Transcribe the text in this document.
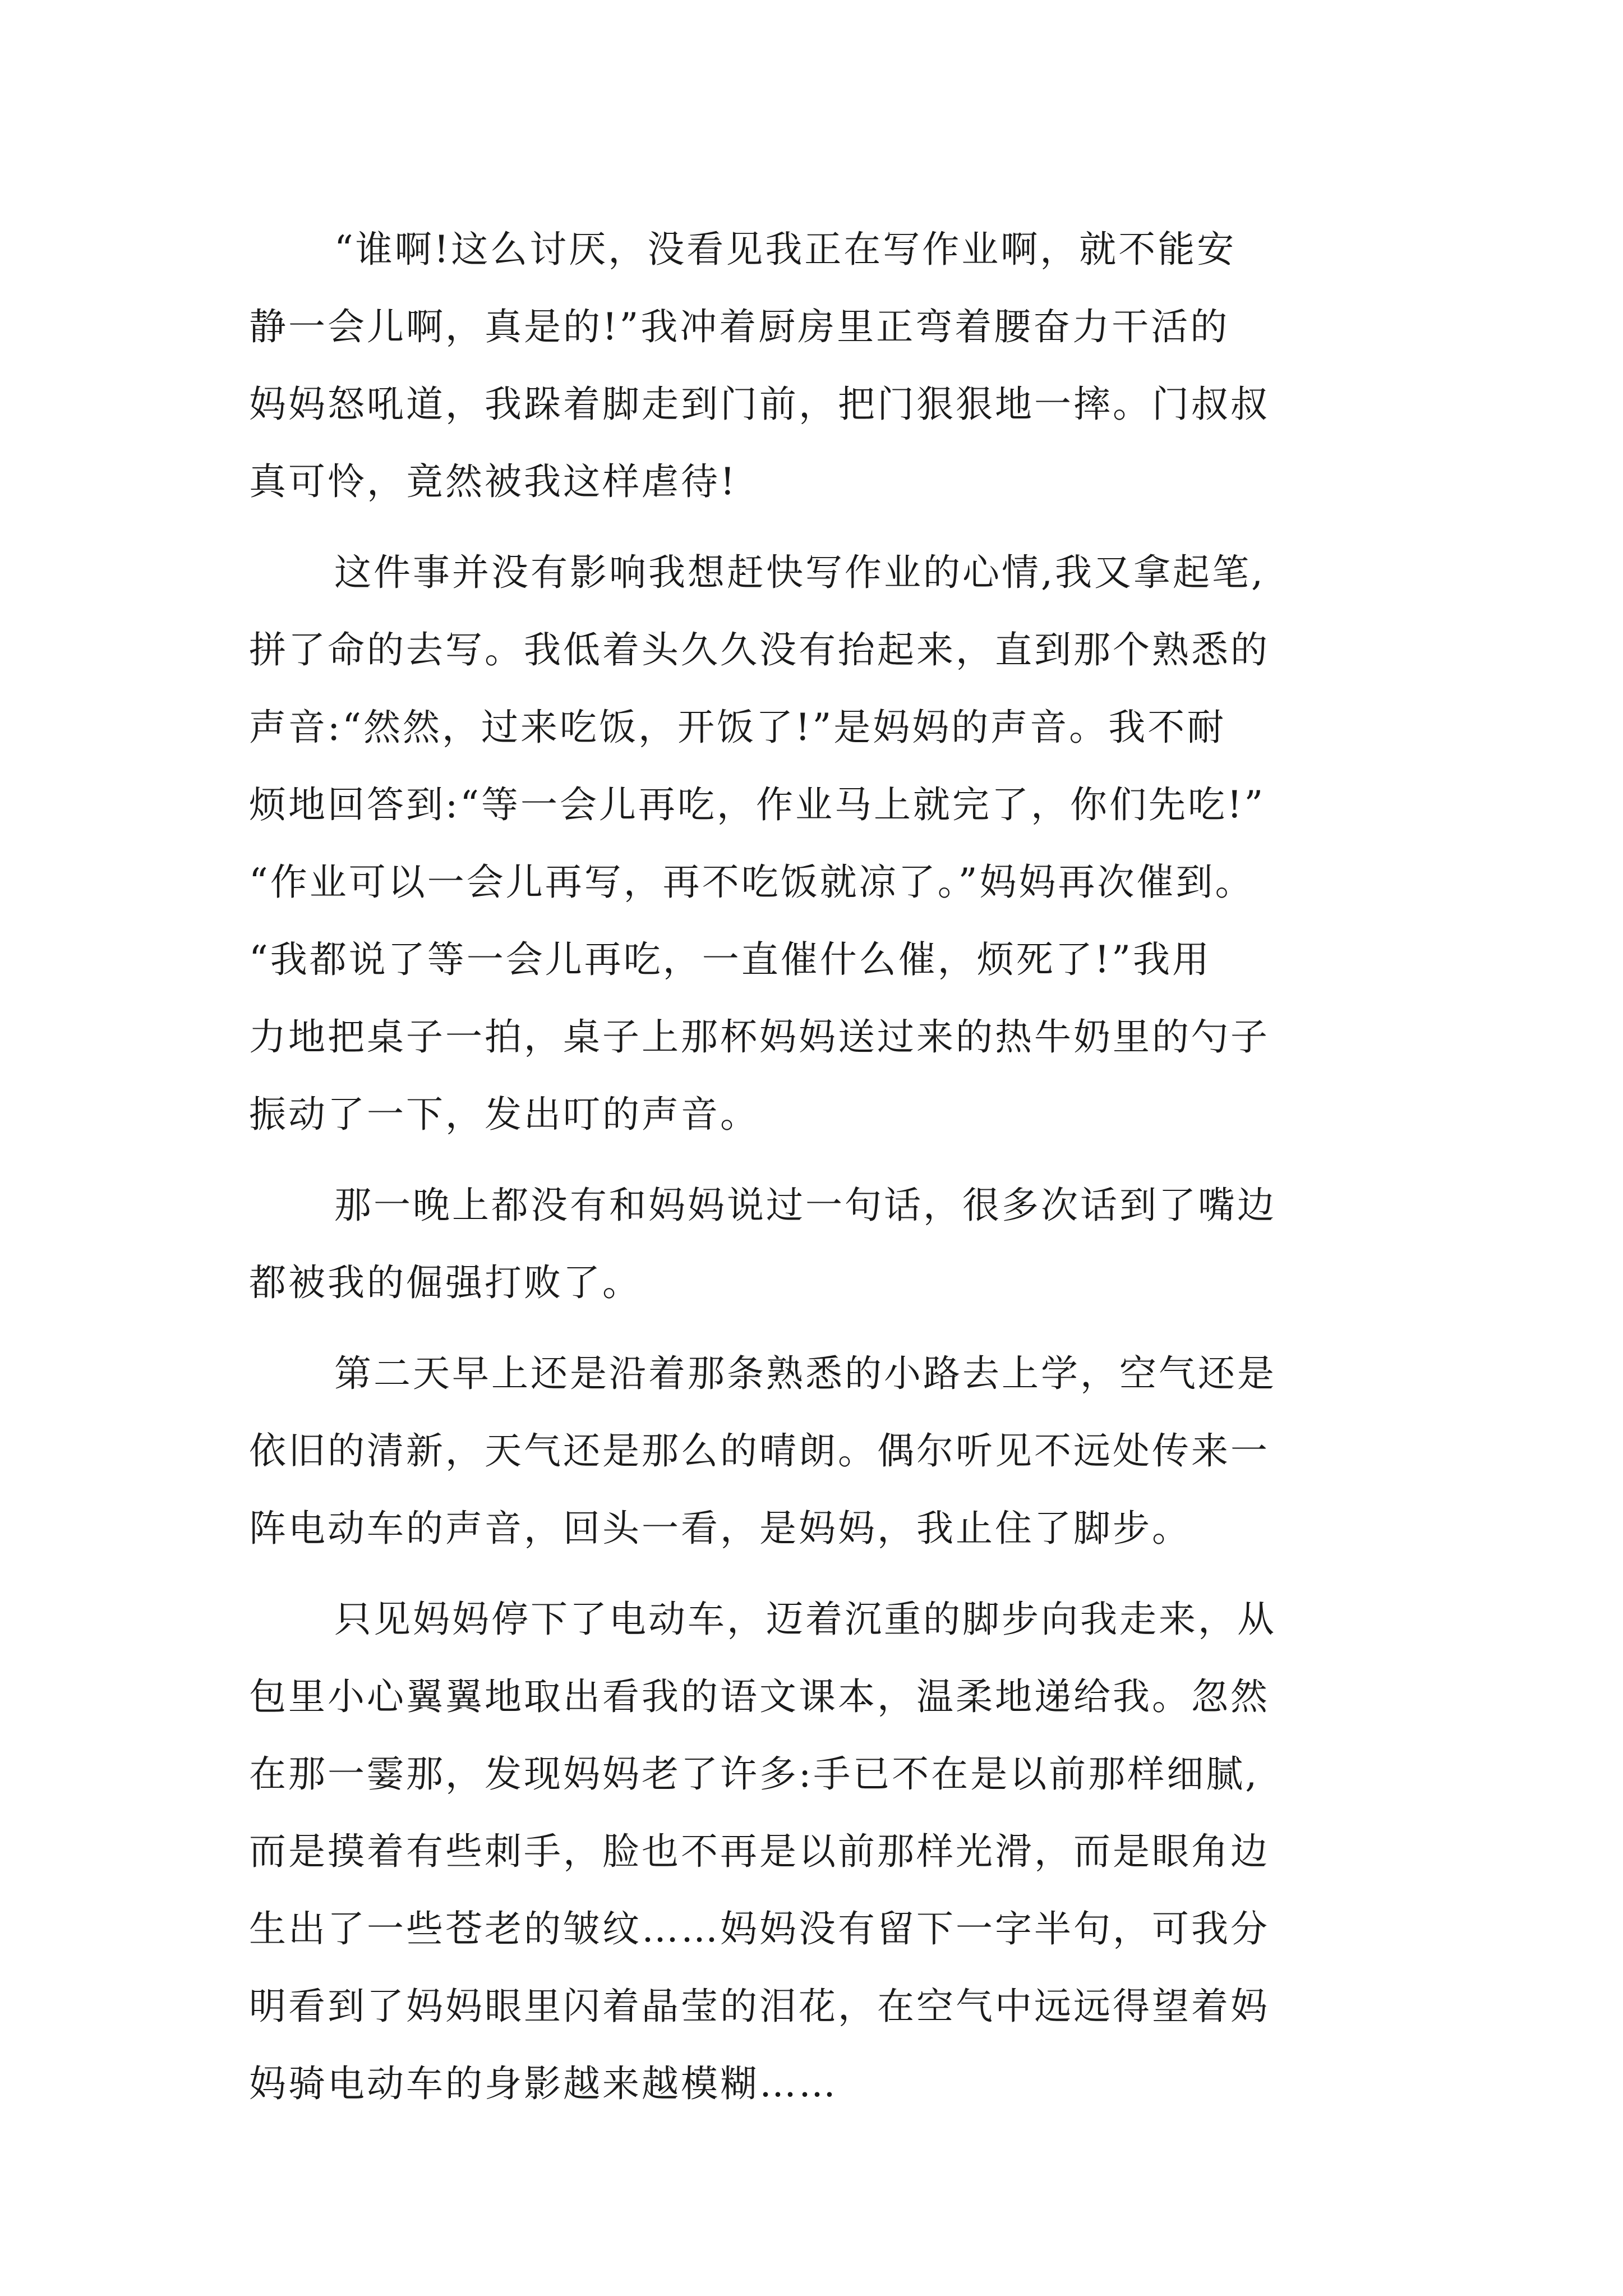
“谁啊!这么讨厌，没看见我正在写作业啊，就不能安
静一会儿啊，真是的!”我冲着厨房里正弯着腰奋力干活的
妈妈怒吼道，我跺着脚走到门前，把门狠狠地一摔。门叔叔
真可怜，竟然被我这样虐待!
这件事并没有影响我想赶快写作业的心情,我又拿起笔,
拼了命的去写。我低着头久久没有抬起来，直到那个熟悉的
声音:“然然，过来吃饭，开饭了!”是妈妈的声音。我不耐
烦地回答到:“等一会儿再吃，作业马上就完了，你们先吃!”
“作业可以一会儿再写，再不吃饭就凉了。”妈妈再次催到。
“我都说了等一会儿再吃，一直催什么催，烦死了!”我用
力地把桌子一拍，桌子上那杯妈妈送过来的热牛奶里的勺子
振动了一下，发出叮的声音。
那一晚上都没有和妈妈说过一句话，很多次话到了嘴边
都被我的倔强打败了。
第二天早上还是沿着那条熟悉的小路去上学，空气还是
依旧的清新，天气还是那么的晴朗。偶尔听见不远处传来一
阵电动车的声音，回头一看，是妈妈，我止住了脚步。
只见妈妈停下了电动车，迈着沉重的脚步向我走来，从
包里小心翼翼地取出看我的语文课本，温柔地递给我。忽然
在那一霎那，发现妈妈老了许多:手已不在是以前那样细腻,
而是摸着有些刺手，脸也不再是以前那样光滑，而是眼角边
生出了一些苍老的皱纹……妈妈没有留下一字半句，可我分
明看到了妈妈眼里闪着晶莹的泪花，在空气中远远得望着妈
妈骑电动车的身影越来越模糊……
